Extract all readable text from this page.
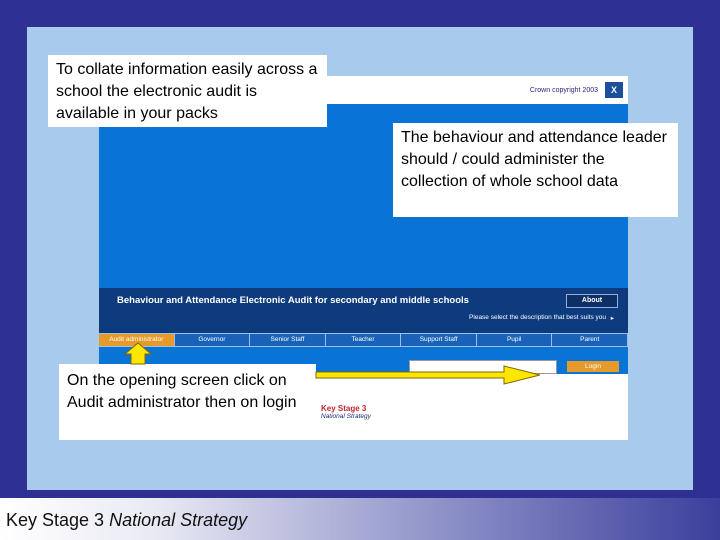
Crown copyright 2003	X
Behaviour and Attendance Electronic Audit for secondary and middle schools	About
Please select the description that best suits you ▸
Audit administrator	Governor	Senior Staff	Teacher	Support Staff	Pupil	Parent
Login
Key Stage 3
National Strategy
To collate information easily across a school the electronic audit is available in your packs
The behaviour and attendance leader should / could administer the collection of whole school data
On the opening screen click on Audit administrator then on login
Key Stage 3 National Strategy
